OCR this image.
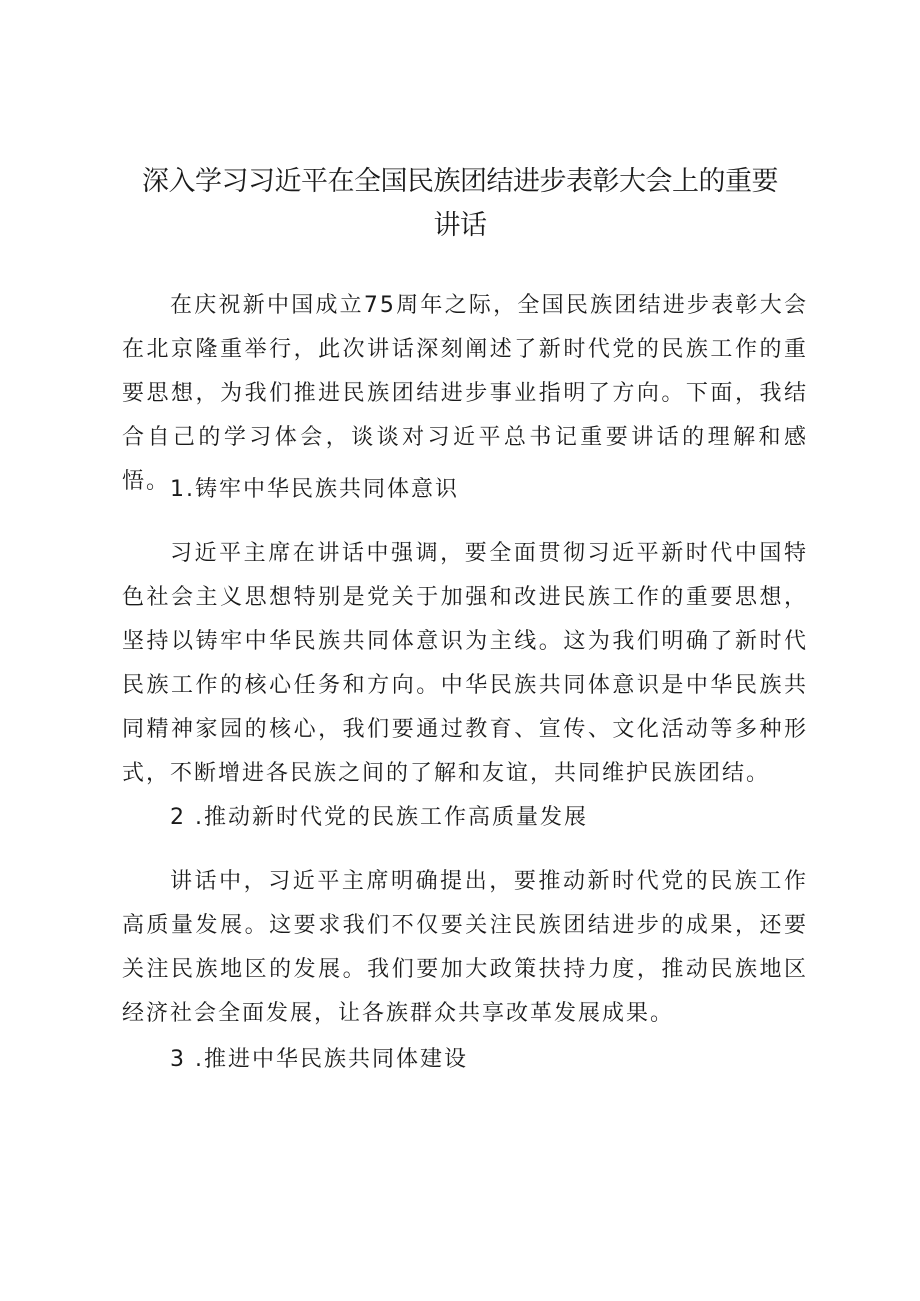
深入学习习近平在全国民族团结进步表彰大会上的重要
讲话
在庆祝新中国成立75周年之际，全国民族团结进步表彰大会在北京隆重举行，此次讲话深刻阐述了新时代党的民族工作的重要思想，为我们推进民族团结进步事业指明了方向。下面，我结合自己的学习体会，谈谈对习近平总书记重要讲话的理解和感悟。 1.铸牢中华民族共同体意识
习近平主席在讲话中强调，要全面贯彻习近平新时代中国特色社会主义思想特别是党关于加强和改进民族工作的重要思想，坚持以铸牢中华民族共同体意识为主线。这为我们明确了新时代民族工作的核心任务和方向。中华民族共同体意识是中华民族共同精神家园的核心，我们要通过教育、宣传、文化活动等多种形式，不断增进各民族之间的了解和友谊，共同维护民族团结。
2 .推动新时代党的民族工作高质量发展
讲话中，习近平主席明确提出，要推动新时代党的民族工作高质量发展。这要求我们不仅要关注民族团结进步的成果，还要关注民族地区的发展。我们要加大政策扶持力度，推动民族地区经济社会全面发展，让各族群众共享改革发展成果。
3 .推进中华民族共同体建设
